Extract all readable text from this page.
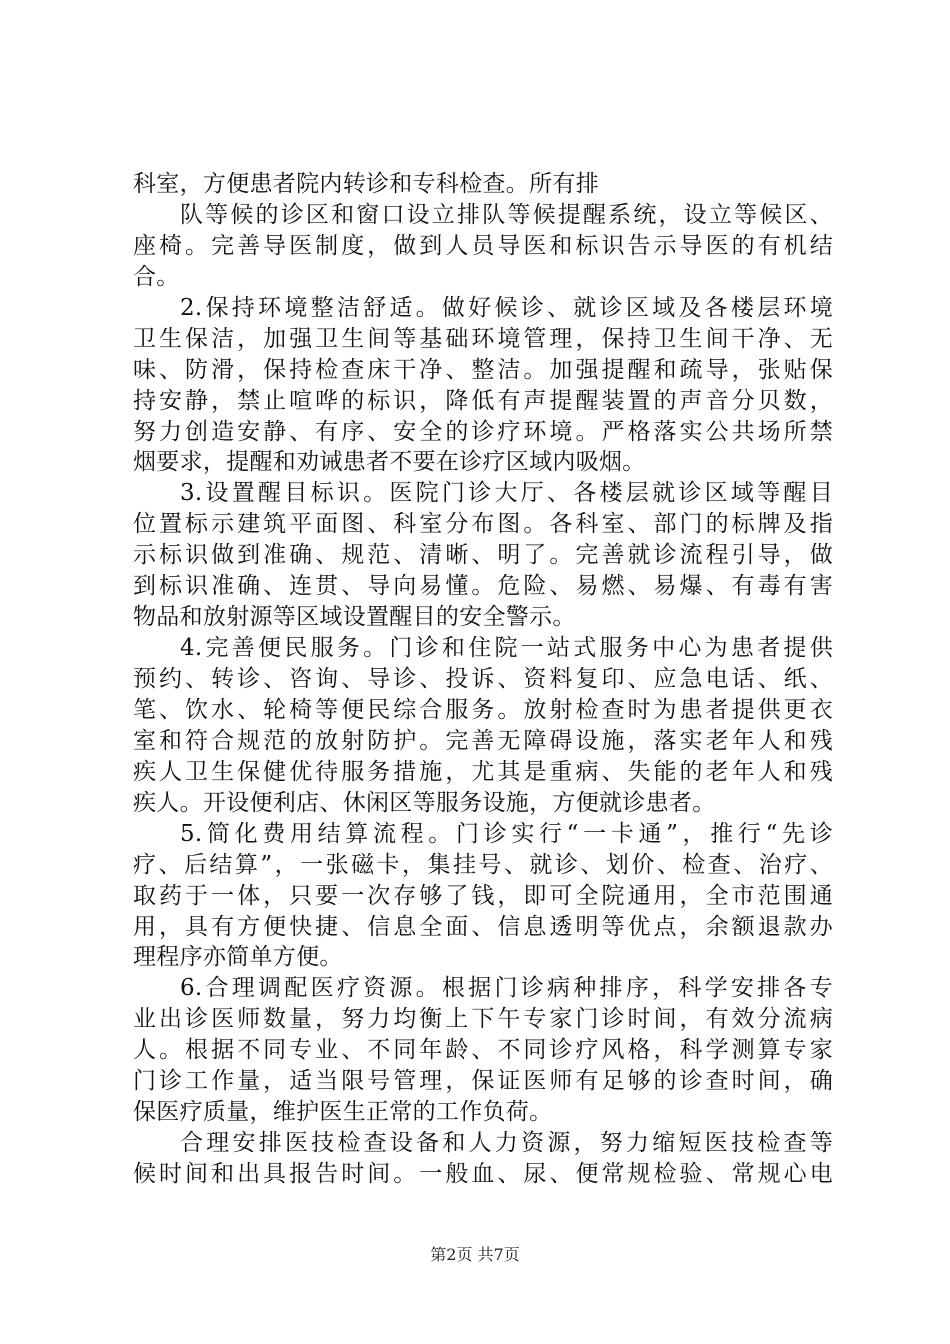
科室，方便患者院内转诊和专科检查。所有排
队等候的诊区和窗口设立排队等候提醒系统，设立等候区、
座椅。完善导医制度，做到人员导医和标识告示导医的有机结
合。
2.保持环境整洁舒适。做好候诊、就诊区域及各楼层环境
卫生保洁，加强卫生间等基础环境管理，保持卫生间干净、无
味、防滑，保持检查床干净、整洁。加强提醒和疏导，张贴保
持安静，禁止喧哗的标识，降低有声提醒装置的声音分贝数，
努力创造安静、有序、安全的诊疗环境。严格落实公共场所禁
烟要求，提醒和劝诫患者不要在诊疗区域内吸烟。
3.设置醒目标识。医院门诊大厅、各楼层就诊区域等醒目
位置标示建筑平面图、科室分布图。各科室、部门的标牌及指
示标识做到准确、规范、清晰、明了。完善就诊流程引导，做
到标识准确、连贯、导向易懂。危险、易燃、易爆、有毒有害
物品和放射源等区域设置醒目的安全警示。
4.完善便民服务。门诊和住院一站式服务中心为患者提供
预约、转诊、咨询、导诊、投诉、资料复印、应急电话、纸、
笔、饮水、轮椅等便民综合服务。放射检查时为患者提供更衣
室和符合规范的放射防护。完善无障碍设施，落实老年人和残
疾人卫生保健优待服务措施，尤其是重病、失能的老年人和残
疾人。开设便利店、休闲区等服务设施，方便就诊患者。
5.简化费用结算流程。门诊实行“一卡通”，推行“先诊
疗、后结算”，一张磁卡，集挂号、就诊、划价、检查、治疗、
取药于一体，只要一次存够了钱，即可全院通用，全市范围通
用，具有方便快捷、信息全面、信息透明等优点，余额退款办
理程序亦简单方便。
6.合理调配医疗资源。根据门诊病种排序，科学安排各专
业出诊医师数量，努力均衡上下午专家门诊时间，有效分流病
人。根据不同专业、不同年龄、不同诊疗风格，科学测算专家
门诊工作量，适当限号管理，保证医师有足够的诊查时间，确
保医疗质量，维护医生正常的工作负荷。
合理安排医技检查设备和人力资源，努力缩短医技检查等
候时间和出具报告时间。一般血、尿、便常规检验、常规心电
第2页 共7页
